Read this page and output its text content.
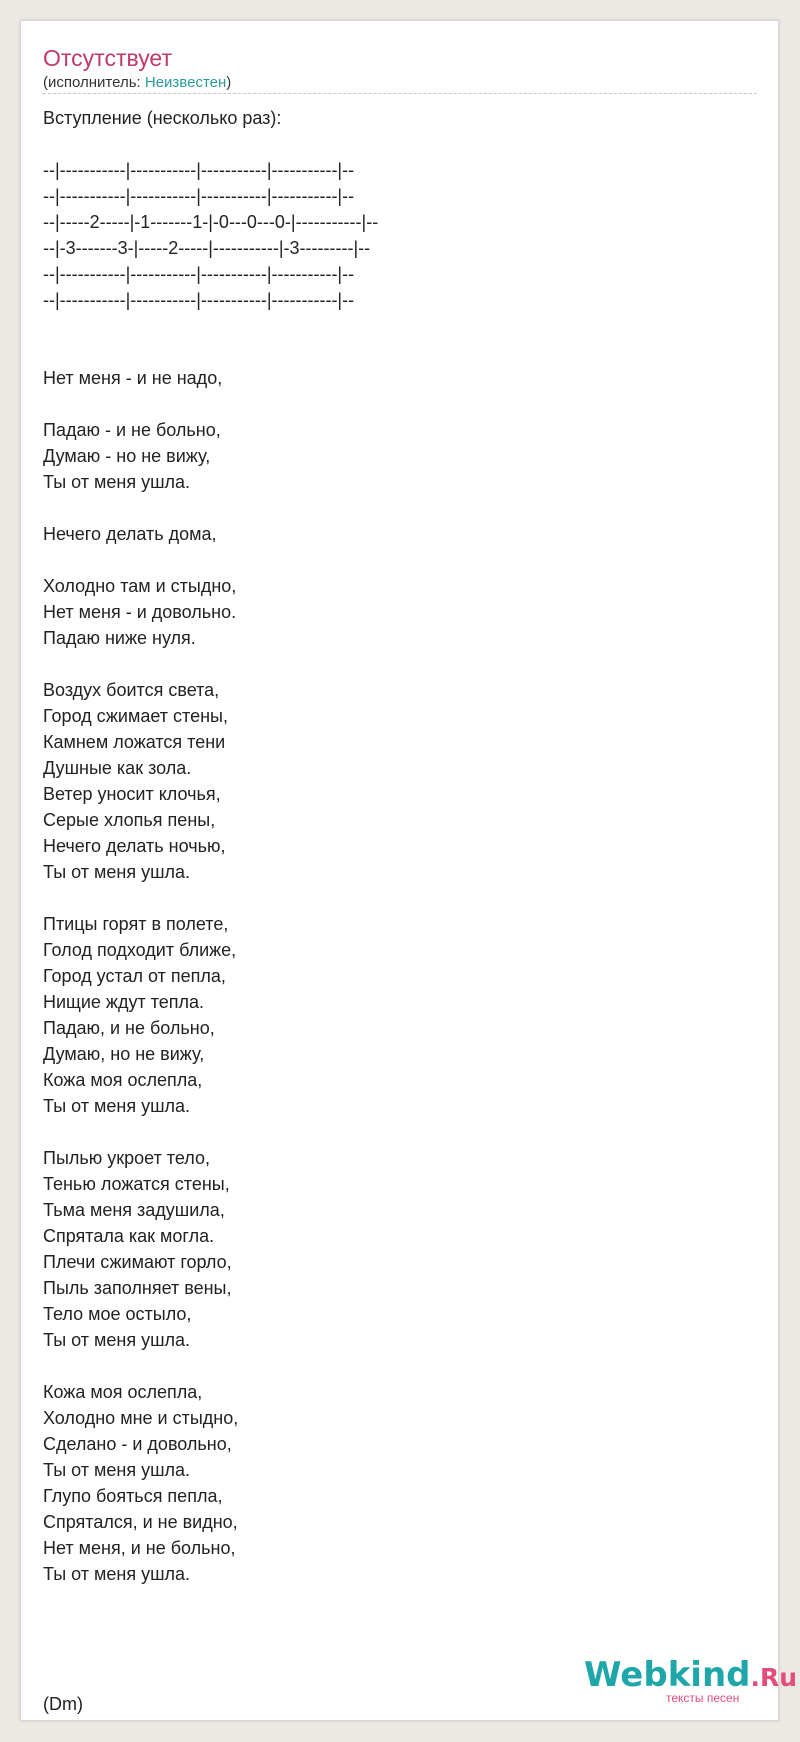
Отсутствует
(исполнитель: Неизвестен)
Вступление (несколько раз):
--|-----------|-----------|-----------|-----------|--
--|-----------|-----------|-----------|-----------|--
--|-----2-----|-1-------1-|-0---0---0-|-----------|--
--|-3-------3-|-----2-----|-----------|-3---------|--
--|-----------|-----------|-----------|-----------|--
--|-----------|-----------|-----------|-----------|--
Нет меня - и не надо,
Падаю - и не больно,
Думаю - но не вижу,
Ты от меня ушла.
Нечего делать дома,
Холодно там и стыдно,
Нет меня - и довольно.
Падаю ниже нуля.
Воздух боится света,
Город сжимает стены,
Камнем ложатся тени
Душные как зола.
Ветер уносит клочья,
Серые хлопья пены,
Нечего делать ночью,
Ты от меня ушла.
Птицы горят в полете,
Голод подходит ближе,
Город устал от пепла,
Нищие ждут тепла.
Падаю, и не больно,
Думаю, но не вижу,
Кожа моя ослепла,
Ты от меня ушла.
Пылью укроет тело,
Тенью ложатся стены,
Тьма меня задушила,
Спрятала как могла.
Плечи сжимают горло,
Пыль заполняет вены,
Тело мое остыло,
Ты от меня ушла.
Кожа моя ослепла,
Холодно мне и стыдно,
Сделано - и довольно,
Ты от меня ушла.
Глупо бояться пепла,
Спрятался, и не видно,
Нет меня, и не больно,
Ты от меня ушла.
(Dm)
Webkind.Ru
тексты песен
